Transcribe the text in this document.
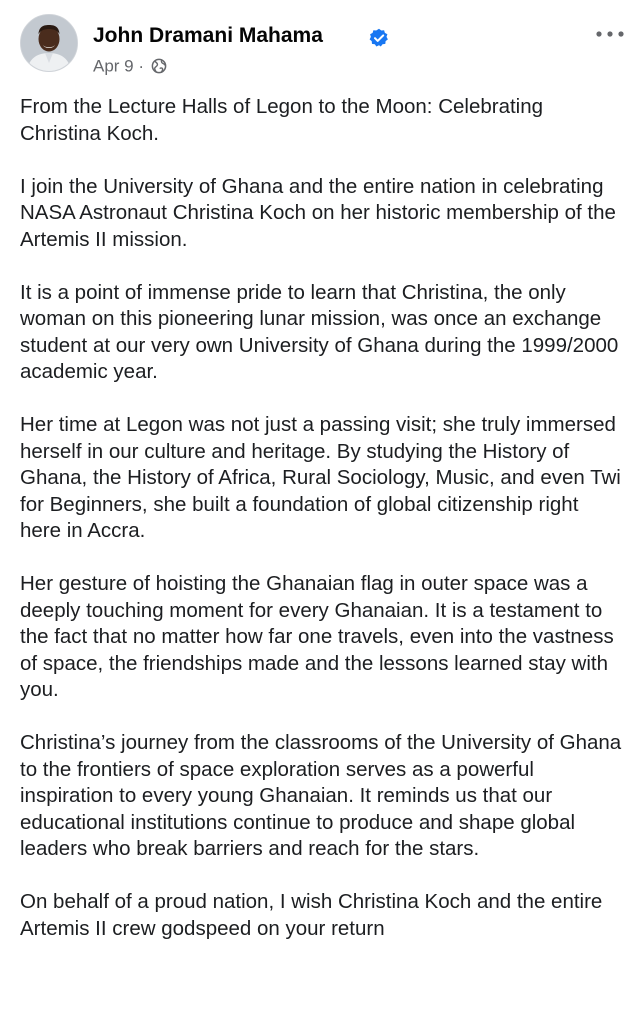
John Dramani Mahama
Apr 9 ·

From the Lecture Halls of Legon to the Moon: Celebrating Christina Koch.

I join the University of Ghana and the entire nation in celebrating NASA Astronaut Christina Koch on her historic membership of the Artemis II mission.

It is a point of immense pride to learn that Christina, the only woman on this pioneering lunar mission, was once an exchange student at our very own University of Ghana during the 1999/2000 academic year.

Her time at Legon was not just a passing visit; she truly immersed herself in our culture and heritage. By studying the History of Ghana, the History of Africa, Rural Sociology, Music, and even Twi for Beginners, she built a foundation of global citizenship right here in Accra.

Her gesture of hoisting the Ghanaian flag in outer space was a deeply touching moment for every Ghanaian. It is a testament to the fact that no matter how far one travels, even into the vastness of space, the friendships made and the lessons learned stay with you.

Christina’s journey from the classrooms of the University of Ghana to the frontiers of space exploration serves as a powerful inspiration to every young Ghanaian. It reminds us that our educational institutions continue to produce and shape global leaders who break barriers and reach for the stars.

On behalf of a proud nation, I wish Christina Koch and the entire Artemis II crew godspeed on your return
